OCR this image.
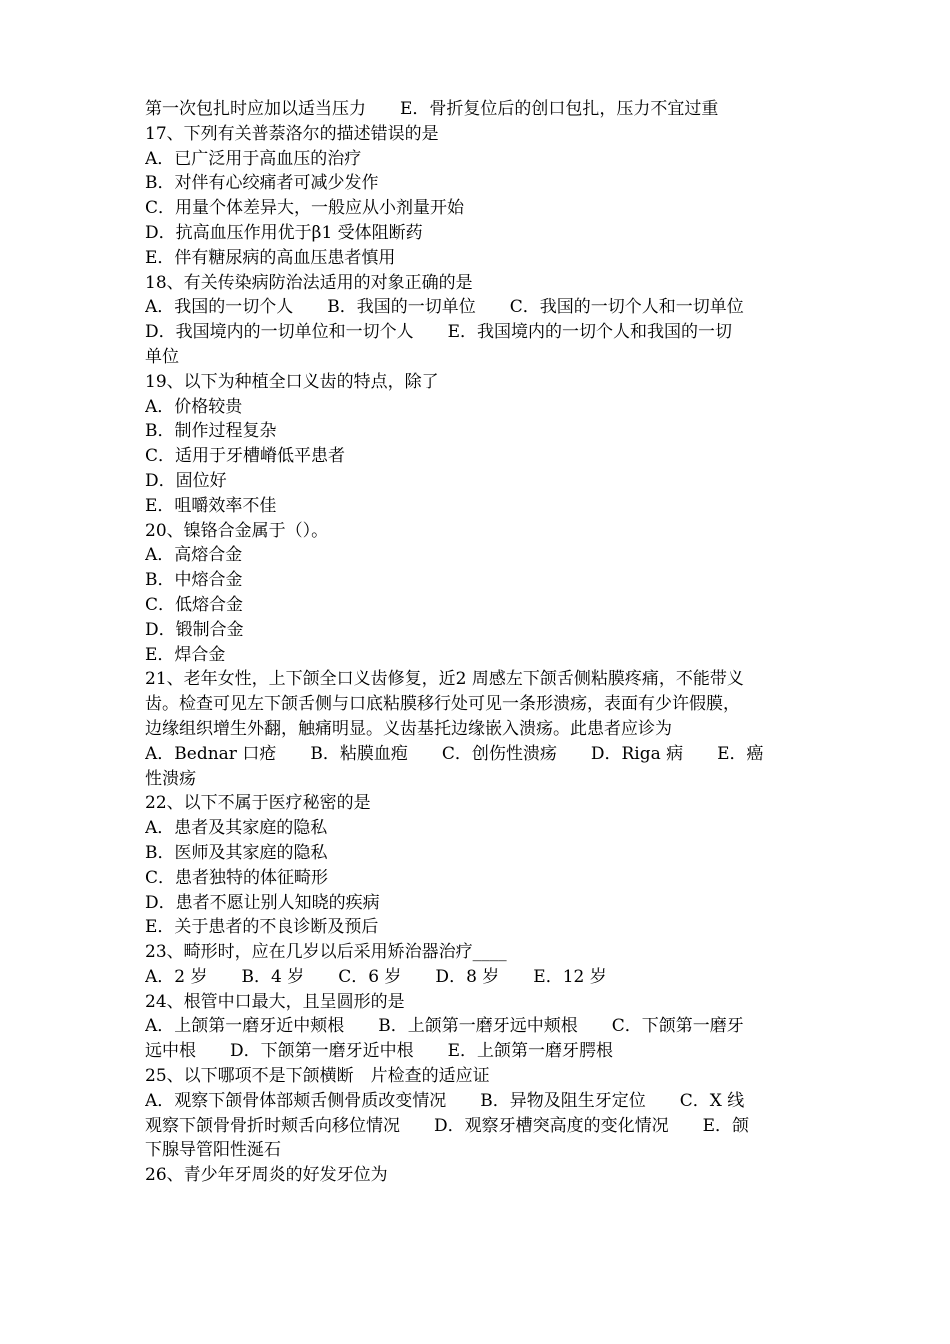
第一次包扎时应加以适当压力　　E．骨折复位后的创口包扎，压力不宜过重
17、下列有关普萘洛尔的描述错误的是
A．已广泛用于高血压的治疗
B．对伴有心绞痛者可减少发作
C．用量个体差异大，一般应从小剂量开始
D．抗高血压作用优于β1 受体阻断药
E．伴有糖尿病的高血压患者慎用
18、有关传染病防治法适用的对象正确的是
A．我国的一切个人　　B．我国的一切单位　　C．我国的一切个人和一切单位
D．我国境内的一切单位和一切个人　　E．我国境内的一切个人和我国的一切
单位
19、以下为种植全口义齿的特点，除了
A．价格较贵
B．制作过程复杂
C．适用于牙槽嵴低平患者
D．固位好
E．咀嚼效率不佳
20、镍铬合金属于（）。
A．高熔合金
B．中熔合金
C．低熔合金
D．锻制合金
E．焊合金
21、老年女性，上下颌全口义齿修复，近2 周感左下颌舌侧粘膜疼痛，不能带义
齿。检查可见左下颌舌侧与口底粘膜移行处可见一条形溃疡，表面有少许假膜，
边缘组织增生外翻，触痛明显。义齿基托边缘嵌入溃疡。此患者应诊为
A．Bednar 口疮　　B．粘膜血疱　　C．创伤性溃疡　　D．Riga 病　　E．癌
性溃疡
22、以下不属于医疗秘密的是
A．患者及其家庭的隐私
B．医师及其家庭的隐私
C．患者独特的体征畸形
D．患者不愿让别人知晓的疾病
E．关于患者的不良诊断及预后
23、畸形时，应在几岁以后采用矫治器治疗____
A．2 岁　　B．4 岁　　C．6 岁　　D．8 岁　　E．12 岁
24、根管中口最大，且呈圆形的是
A．上颌第一磨牙近中颊根　　B．上颌第一磨牙远中颊根　　C．下颌第一磨牙
远中根　　D．下颌第一磨牙近中根　　E．上颌第一磨牙腭根
25、以下哪项不是下颌横断　片检查的适应证
A．观察下颌骨体部颊舌侧骨质改变情况　　B．异物及阻生牙定位　　C．X 线
观察下颌骨骨折时颊舌向移位情况　　D．观察牙槽突高度的变化情况　　E．颌
下腺导管阳性涎石
26、青少年牙周炎的好发牙位为
